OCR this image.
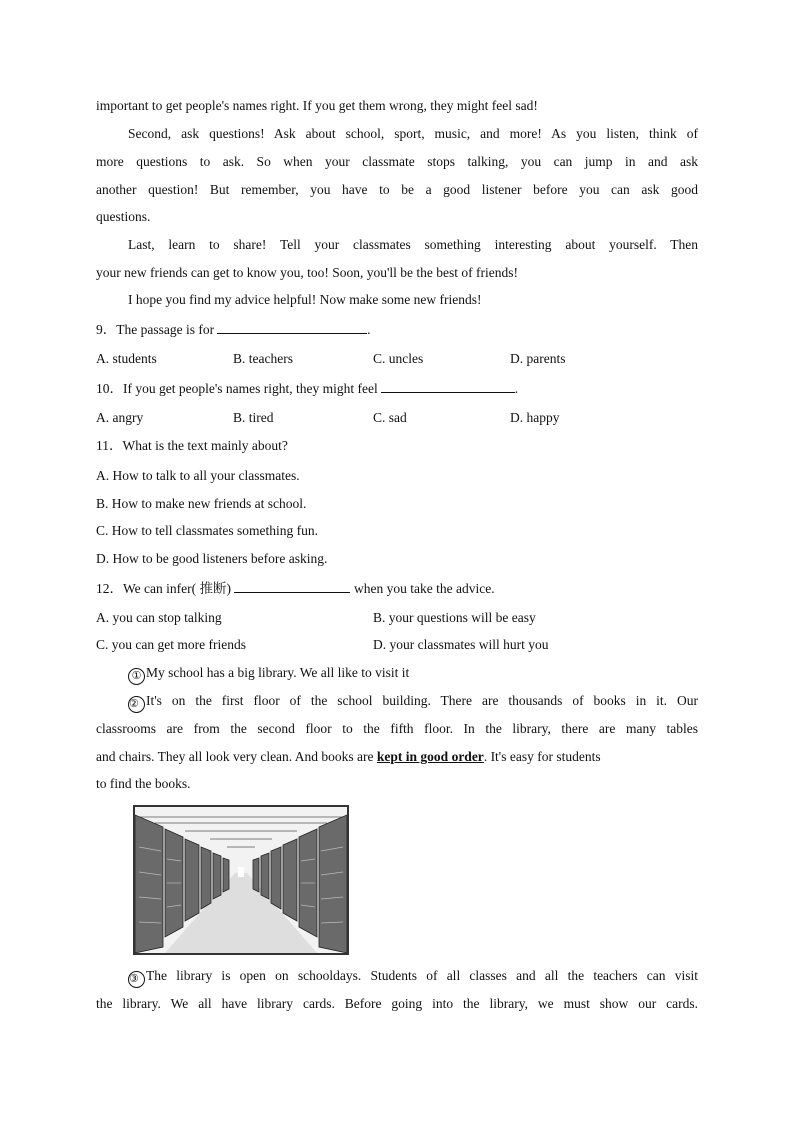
important to get people's names right. If you get them wrong, they might feel sad!
Second, ask questions! Ask about school, sport, music, and more! As you listen, think of
more questions to ask. So when your classmate stops talking, you can jump in and ask
another question! But remember, you have to be a good listener before you can ask good
questions.
Last, learn to share! Tell your classmates something interesting about yourself. Then
your new friends can get to know you, too! Soon, you'll be the best of friends!
I hope you find my advice helpful! Now make some new friends!
9．The passage is for	.
A. students	B. teachers	C. uncles	D. parents
10．If you get people's names right, they might feel	.
A. angry	B. tired	C. sad	D. happy
11．What is the text mainly about?
A. How to talk to all your classmates.
B. How to make new friends at school.
C. How to tell classmates something fun.
D. How to be good listeners before asking.
12．We can infer( 推断)	when you take the advice.
A. you can stop talking	B. your questions will be easy
C. you can get more friends	D. your classmates will hurt you
① My school has a big library. We all like to visit it
② It's on the first floor of the school building. There are thousands of books in it. Our
classrooms are from the second floor to the fifth floor. In the library, there are many tables
and chairs. They all look very clean. And books are kept in good order. It's easy for students
to find the books.
③ The library is open on schooldays. Students of all classes and all the teachers can visit
the library. We all have library cards. Before going into the library, we must show our cards.
